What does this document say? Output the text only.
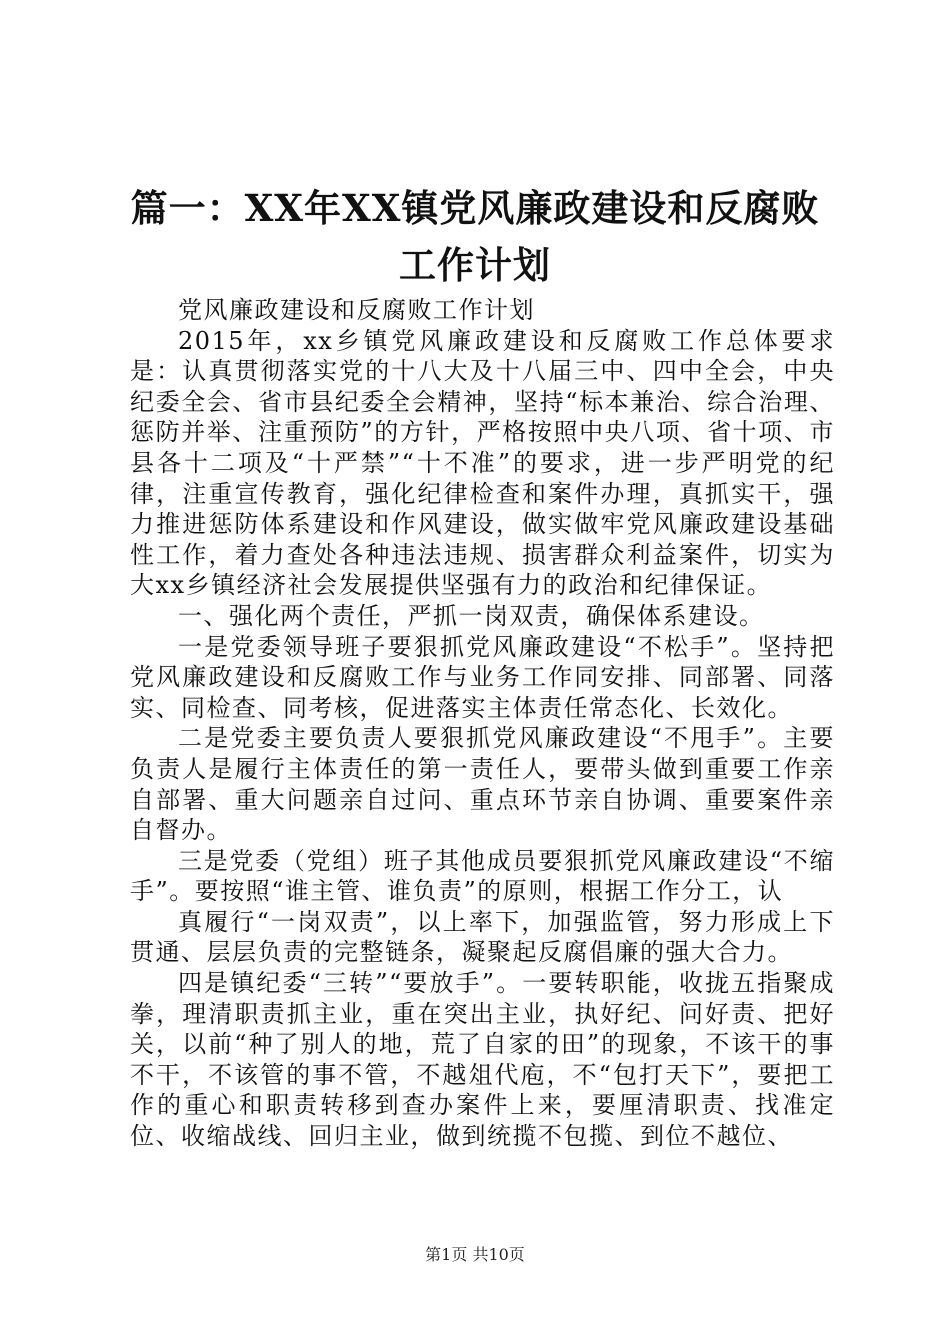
篇一：XX年XX镇党风廉政建设和反腐败工作计划

党风廉政建设和反腐败工作计划

2015年，xx乡镇党风廉政建设和反腐败工作总体要求是：认真贯彻落实党的十八大及十八届三中、四中全会，中央纪委全会、省市县纪委全会精神，坚持“标本兼治、综合治理、惩防并举、注重预防”的方针，严格按照中央八项、省十项、市县各十二项及“十严禁”“十不准”的要求，进一步严明党的纪律，注重宣传教育，强化纪律检查和案件办理，真抓实干，强力推进惩防体系建设和作风建设，做实做牢党风廉政建设基础性工作，着力查处各种违法违规、损害群众利益案件，切实为大xx乡镇经济社会发展提供坚强有力的政治和纪律保证。

一、强化两个责任，严抓一岗双责，确保体系建设。

一是党委领导班子要狠抓党风廉政建设“不松手”。坚持把党风廉政建设和反腐败工作与业务工作同安排、同部署、同落实、同检查、同考核，促进落实主体责任常态化、长效化。

二是党委主要负责人要狠抓党风廉政建设“不甩手”。主要负责人是履行主体责任的第一责任人，要带头做到重要工作亲自部署、重大问题亲自过问、重点环节亲自协调、重要案件亲自督办。

三是党委（党组）班子其他成员要狠抓党风廉政建设“不缩手”。要按照“谁主管、谁负责”的原则，根据工作分工，认

真履行“一岗双责”，以上率下，加强监管，努力形成上下贯通、层层负责的完整链条，凝聚起反腐倡廉的强大合力。

四是镇纪委“三转”“要放手”。一要转职能，收拢五指聚成拳，理清职责抓主业，重在突出主业，执好纪、问好责、把好关，以前“种了别人的地，荒了自家的田”的现象，不该干的事不干，不该管的事不管，不越俎代庖，不“包打天下”，要把工作的重心和职责转移到查办案件上来，要厘清职责、找准定位、收缩战线、回归主业，做到统揽不包揽、到位不越位、

第1页 共10页
